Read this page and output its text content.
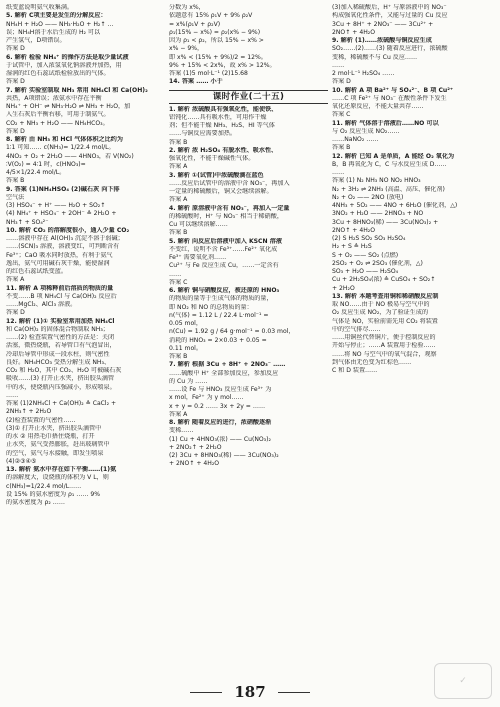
纸变蓝说明氨气收集满。
5. 解析 C项主要是发生的分解反应：
NH₄H + H₂O —— NH₃·H₂O + H₂↑ …
误；NH₄H溶于水后生成的 H₂ 可以
产生氢气，D项错误。
答案 D
6. 解析 检验 NH₄⁺ 的操作方法是取少量试液
于试管中，加入浓氢氧化钠溶液并加热，用
湿润的红色石蕊试纸检验放出的气体。
答案 D
7. 解析 实验室制取 NH₃ 常用 NH₄Cl 和 Ca(OH)₂
共热，A项错误；浓氨水中存在平衡
NH₄⁺ + OH⁻ ⇌ NH₃·H₂O ⇌ NH₃ + H₂O，加
入生石灰后平衡右移，可用于制氨气。
CO₂ + NH₃ + H₂O —— NH₄HCO₃。
答案 D
8. 解析 由 NH₃ 和 HCl 气体体积之比约为
1∶1 可知…… c(NH₃)= 1/22.4 mol/L。
4NO₂ + O₂ + 2H₂O —— 4HNO₃，若 V(NO₂)
∶V(O₂) = 4∶1 时，c(HNO₃)=
4/5×1/22.4 mol/L。
答案 B
9. 答案 (1)NH₄HSO₄ (2)碱石灰 向下排
空气法
(3) HSO₄⁻ + H⁺ —— H₂O + SO₂↑
(4) NH₄⁺ + HSO₄⁻ + 2OH⁻ ≜ 2H₂O +
NH₃↑ + SO₄²⁻
10. 解析 CO₂ 的溶解度很小，通入少量 CO₂
……溶液中存在 Al(OH)₃ 沉淀不溶于弱碱；
……(SCN)₃ 溶液，溶液变红，可判断含有
Fe³⁺；CaO 吸水同时放热，有利于氨气
逸出，氨气可用碱石灰干燥，能使湿润
的红色石蕊试纸变蓝。
答案 A
11. 解析 A 项稀释前后溶质的物质的量
不变……B 项 NH₄Cl 与 Ca(OH)₂ 反应后
……MgCl₂、AlCl₃ 溶液。
答案 D
12. 解析 (1)① 实验室常用加热 NH₄Cl
和 Ca(OH)₂ 的固体混合物制取 NH₃；
……(2) 检查装置气密性的方法是：关闭
活塞，微热烧瓶，若导管口有气泡冒出，
冷却后导管中形成一段水柱，则气密性
良好。NH₄HCO₃ 受热分解生成 NH₃、
CO₂ 和 H₂O，其中 CO₂、H₂O 可被碱石灰
吸收……(3) 打开止水夹，挤出胶头滴管
中的水，使烧瓶内压强减小，形成喷泉。
……
答案 (1)2NH₄Cl + Ca(OH)₂ ≜ CaCl₂ +
2NH₃↑ + 2H₂O
(2)检查装置的气密性……
(3)① 打开止水夹，挤出胶头滴管中
的水 ② 用热毛巾捂住烧瓶，打开
止水夹，氨气受热膨胀，赶出玻璃管中
的空气，氨气与水接触，即发生喷泉
(4)②③④⑤
13. 解析 氨水中存在如下平衡……(1)氨
的溶解度大，设烧瓶的体积为 V L，则
c(NH₃)=1/22.4 mol/L……
设 15% 的氨水密度为 ρ₁ …… 9%
的氨水密度为 ρ₂ ……
分数为 x%，
依题意有 15% ρ₁V + 9% ρ₂V
= x%(ρ₁V + ρ₂V)
ρ₁(15% − x%) = ρ₂(x% − 9%)
因为 ρ₁ < ρ₂，所以 15% − x% >
x% − 9%，
即 x% < (15% + 9%)/2 = 12%。
9% + 15% < 2x%，故 x% > 12%。
答案 (1)5 mol·L⁻¹ (2)15.68
14. 答案 …… 小于
课时作业(二十五)
1. 解析 浓硫酸具有强氧化性，能使铁、
铝钝化……具有吸水性，可用作干燥
剂；但不能干燥 NH₃、H₂S、HI 等气体
……与铜反应需要加热。
答案 B
2. 解析 浓 H₂SO₄ 有脱水性、吸水性、
强氧化性，不能干燥碱性气体。
答案 A
3. 解析 ①(试管)中浓硫酸滴在蓝色
……反应后试管中的溶液中含 NO₃⁻，再加入
一定量的稀硫酸后，铜又会继续溶解。
答案 A
4. 解析 原溶液中含有 NO₃⁻，再加入一定量
的稀硫酸时，H⁺ 与 NO₃⁻ 相当于稀硝酸，
Cu 可以继续溶解……
答案 B
5. 解析 向反应后溶液中加入 KSCN 溶液
不变红，说明不含 Fe³⁺……Fe²⁺ 氧化成
Fe³⁺ 需要氧化剂……
Cu²⁺ 与 Fe 反应生成 Cu，……一定含有
……
答案 C
6. 解析 铜与硝酸反应，被还原的 HNO₃
的物质的量等于生成气体的物质的量，
即 NO₂ 和 NO 的总物质的量：
n(气体) = 1.12 L / 22.4 L·mol⁻¹ =
0.05 mol，
n(Cu) = 1.92 g / 64 g·mol⁻¹ = 0.03 mol，
消耗的 HNO₃ = 2×0.03 + 0.05 =
0.11 mol。
答案 B
7. 解析 根据 3Cu + 8H⁺ + 2NO₃⁻ ……
……硫酸中 H⁺ 全部参加反应，参加反应
的 Cu 为 ……
……设 Fe 与 HNO₃ 反应生成 Fe³⁺ 为
x mol，Fe²⁺ 为 y mol……
x + y = 0.2 …… 3x + 2y = ……
答案 A
8. 解析 随着反应的进行，浓硝酸逐渐
变稀……
(1) Cu + 4HNO₃(浓) —— Cu(NO₃)₂
+ 2NO₂↑ + 2H₂O
(2) 3Cu + 8HNO₃(稀) —— 3Cu(NO₃)₂
+ 2NO↑ + 4H₂O
(3)加入稀硫酸后，H⁺ 与原溶液中的 NO₃⁻
构成强氧化性条件，又能与过量的 Cu 反应
3Cu + 8H⁺ + 2NO₃⁻ —— 3Cu²⁺ +
2NO↑ + 4H₂O
9. 解析 (1)……浓硫酸与铜反应生成
SO₂……(2)……(3) 随着反应进行，浓硫酸
变稀，稀硫酸不与 Cu 反应……
……
2 mol·L⁻¹ H₂SO₄ ……
答案 D
10. 解析 A 项 Ba²⁺ 与 SO₄²⁻、B 项 Cu²⁺
……C 项 Fe²⁺ 与 NO₃⁻ 在酸性条件下发生
氧化还原反应，不能大量共存……
答案 C
11. 解析 气体溶于溶液后……NO 可以
与 O₂ 反应生成 NO₂……
……NaNO₂ ……
答案 B
12. 解析 已知 A 是单质，A 能经 O₂ 氧化为
B，B 再氧化为 C，C 与水反应生成 D……
……
答案 (1) N₂ NH₃ NO NO₂ HNO₃
N₂ + 3H₂ ⇌ 2NH₃ (高温、高压、催化剂)
N₂ + O₂ —— 2NO (放电)
4NH₃ + 5O₂ —— 4NO + 6H₂O (催化剂，△)
3NO₂ + H₂O —— 2HNO₃ + NO
3Cu + 8HNO₃(稀) —— 3Cu(NO₃)₂ +
2NO↑ + 4H₂O
(2) S H₂S SO₂ SO₃ H₂SO₄
H₂ + S ≜ H₂S
S + O₂ —— SO₂ (点燃)
2SO₂ + O₂ ⇌ 2SO₃ (催化剂，△)
SO₃ + H₂O —— H₂SO₄
Cu + 2H₂SO₄(浓) ≜ CuSO₄ + SO₂↑
+ 2H₂O
13. 解析 本题考查用铜和稀硝酸反应制
取 NO……由于 NO 极易与空气中的
O₂ 反应生成 NO₂，为了验证生成的
气体是 NO，实验前需先用 CO₂ 将装置
中的空气排尽……
……用铜丝代替铜片，便于控制反应的
开始与停止；……A 装置用于检验……
……将 NO 与空气中的氧气混合，观察
到气体由无色变为红棕色……
C 和 D 装置……
187
✓
